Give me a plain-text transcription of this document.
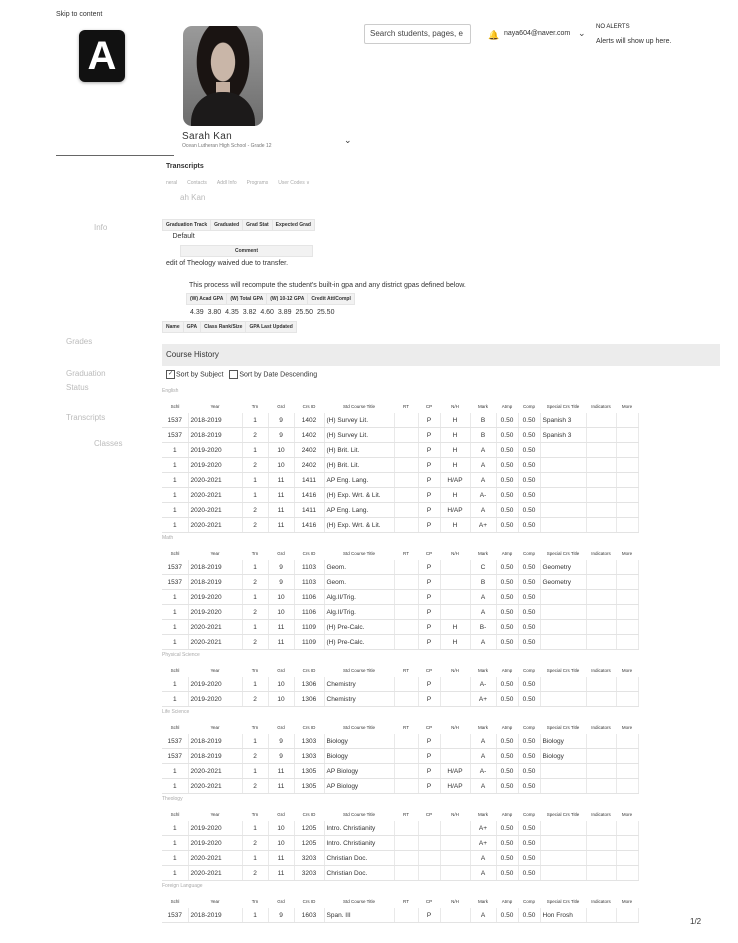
Skip to content
A
Sarah Kan
Ocean Lutheran High School - Grade 12
⌄
Search students, pages, e	🔔 naya604@naver.com ⌄
NO ALERTS
Alerts will show up here.
Transcripts
neral Contacts Addl Info Programs User Codes ∨
ah Kan
Info
Grades
Graduation Status
Transcripts
Classes
Graduation Track	Graduated	Grad Stat	Expected Grad
Default
Comment
edit of Theology waived due to transfer.
This process will recompute the student's built-in gpa and any district gpas defined below.
(W) Acad GPA	(W) Total GPA	(W) 10-12 GPA	Credit Att/Compl
4.39 3.80 4.35 3.82 4.60 3.89 25.50 25.50
Name	GPA	Class Rank/Size	GPA Last Updated
Course History
✓ Sort by Subject Sort by Date Descending
English
Schl	Year	Trn	Grd	Crs ID	Std Course Title	RT	CP	N/H	Mark	Atmp	Comp	Special Crs Title	Indicators	More
1537	2018-2019	1	9	1402	(H) Survey Lit.		P	H	B	0.50	0.50	Spanish 3		
1537	2018-2019	2	9	1402	(H) Survey Lit.		P	H	B	0.50	0.50	Spanish 3		
1	2019-2020	1	10	2402	(H) Brit. Lit.		P	H	A	0.50	0.50			
1	2019-2020	2	10	2402	(H) Brit. Lit.		P	H	A	0.50	0.50			
1	2020-2021	1	11	1411	AP Eng. Lang.		P	H/AP	A	0.50	0.50			
1	2020-2021	1	11	1416	(H) Exp. Wrt. & Lit.		P	H	A-	0.50	0.50			
1	2020-2021	2	11	1411	AP Eng. Lang.		P	H/AP	A	0.50	0.50			
1	2020-2021	2	11	1416	(H) Exp. Wrt. & Lit.		P	H	A+	0.50	0.50			
Math
Schl	Year	Trn	Grd	Crs ID	Std Course Title	RT	CP	N/H	Mark	Atmp	Comp	Special Crs Title	Indicators	More
1537	2018-2019	1	9	1103	Geom.		P		C	0.50	0.50	Geometry		
1537	2018-2019	2	9	1103	Geom.		P		B	0.50	0.50	Geometry		
1	2019-2020	1	10	1106	Alg.II/Trig.		P		A	0.50	0.50			
1	2019-2020	2	10	1106	Alg.II/Trig.		P		A	0.50	0.50			
1	2020-2021	1	11	1109	(H) Pre-Calc.		P	H	B-	0.50	0.50			
1	2020-2021	2	11	1109	(H) Pre-Calc.		P	H	A	0.50	0.50			
Physical Science
Schl	Year	Trn	Grd	Crs ID	Std Course Title	RT	CP	N/H	Mark	Atmp	Comp	Special Crs Title	Indicators	More
1	2019-2020	1	10	1306	Chemistry		P		A-	0.50	0.50			
1	2019-2020	2	10	1306	Chemistry		P		A+	0.50	0.50			
Life Science
Schl	Year	Trn	Grd	Crs ID	Std Course Title	RT	CP	N/H	Mark	Atmp	Comp	Special Crs Title	Indicators	More
1537	2018-2019	1	9	1303	Biology		P		A	0.50	0.50	Biology		
1537	2018-2019	2	9	1303	Biology		P		A	0.50	0.50	Biology		
1	2020-2021	1	11	1305	AP Biology		P	H/AP	A-	0.50	0.50			
1	2020-2021	2	11	1305	AP Biology		P	H/AP	A	0.50	0.50			
Theology
Schl	Year	Trn	Grd	Crs ID	Std Course Title	RT	CP	N/H	Mark	Atmp	Comp	Special Crs Title	Indicators	More
1	2019-2020	1	10	1205	Intro. Christianity				A+	0.50	0.50			
1	2019-2020	2	10	1205	Intro. Christianity				A+	0.50	0.50			
1	2020-2021	1	11	3203	Christian Doc.				A	0.50	0.50			
1	2020-2021	2	11	3203	Christian Doc.				A	0.50	0.50			
Foreign Language
Schl	Year	Trn	Grd	Crs ID	Std Course Title	RT	CP	N/H	Mark	Atmp	Comp	Special Crs Title	Indicators	More
1537	2018-2019	1	9	1603	Span. III		P		A	0.50	0.50	Hon Frosh		
1/2
